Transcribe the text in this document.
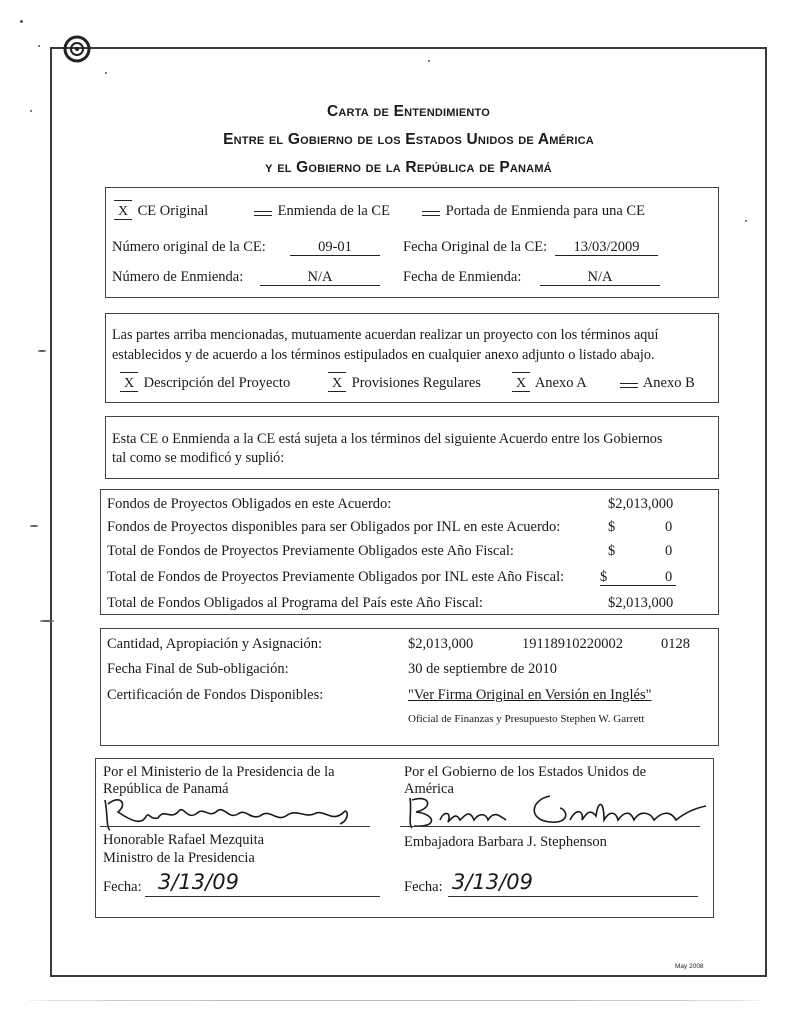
Carta de Entendimiento
Entre el Gobierno de los Estados Unidos de América
y el Gobierno de la República de Panamá
X CE Original	Enmienda de la CE	Portada de Enmienda para una CE
Número original de la CE:	09-01	Fecha Original de la CE:	13/03/2009
Número de Enmienda:	N/A	Fecha de Enmienda:	N/A
Las partes arriba mencionadas, mutuamente acuerdan realizar un proyecto con los términos aquí
establecidos y de acuerdo a los términos estipulados en cualquier anexo adjunto o listado abajo.
X Descripción del Proyecto	X Provisiones Regulares	X Anexo A	Anexo B
Esta CE o Enmienda a la CE está sujeta a los términos del siguiente Acuerdo entre los Gobiernos
tal como se modificó y suplió:
Fondos de Proyectos Obligados en este Acuerdo:	$2,013,000
Fondos de Proyectos disponibles para ser Obligados por INL en este Acuerdo:	$	0
Total de Fondos de Proyectos Previamente Obligados este Año Fiscal:	$	0
Total de Fondos de Proyectos Previamente Obligados por INL este Año Fiscal: $	0
Total de Fondos Obligados al Programa del País este Año Fiscal:	$2,013,000
Cantidad, Apropiación y Asignación:	$2,013,000	19118910220002	0128
Fecha Final de Sub-obligación:	30 de septiembre de 2010
Certificación de Fondos Disponibles:	"Ver Firma Original en Versión en Inglés"
Oficial de Finanzas y Presupuesto Stephen W. Garrett
Por el Ministerio de la Presidencia de la
República de Panamá
Honorable Rafael Mezquita
Ministro de la Presidencia
Fecha: 3/13/09
Por el Gobierno de los Estados Unidos de
América
Embajadora Barbara J. Stephenson
Fecha: 3/13/09
May 2008
